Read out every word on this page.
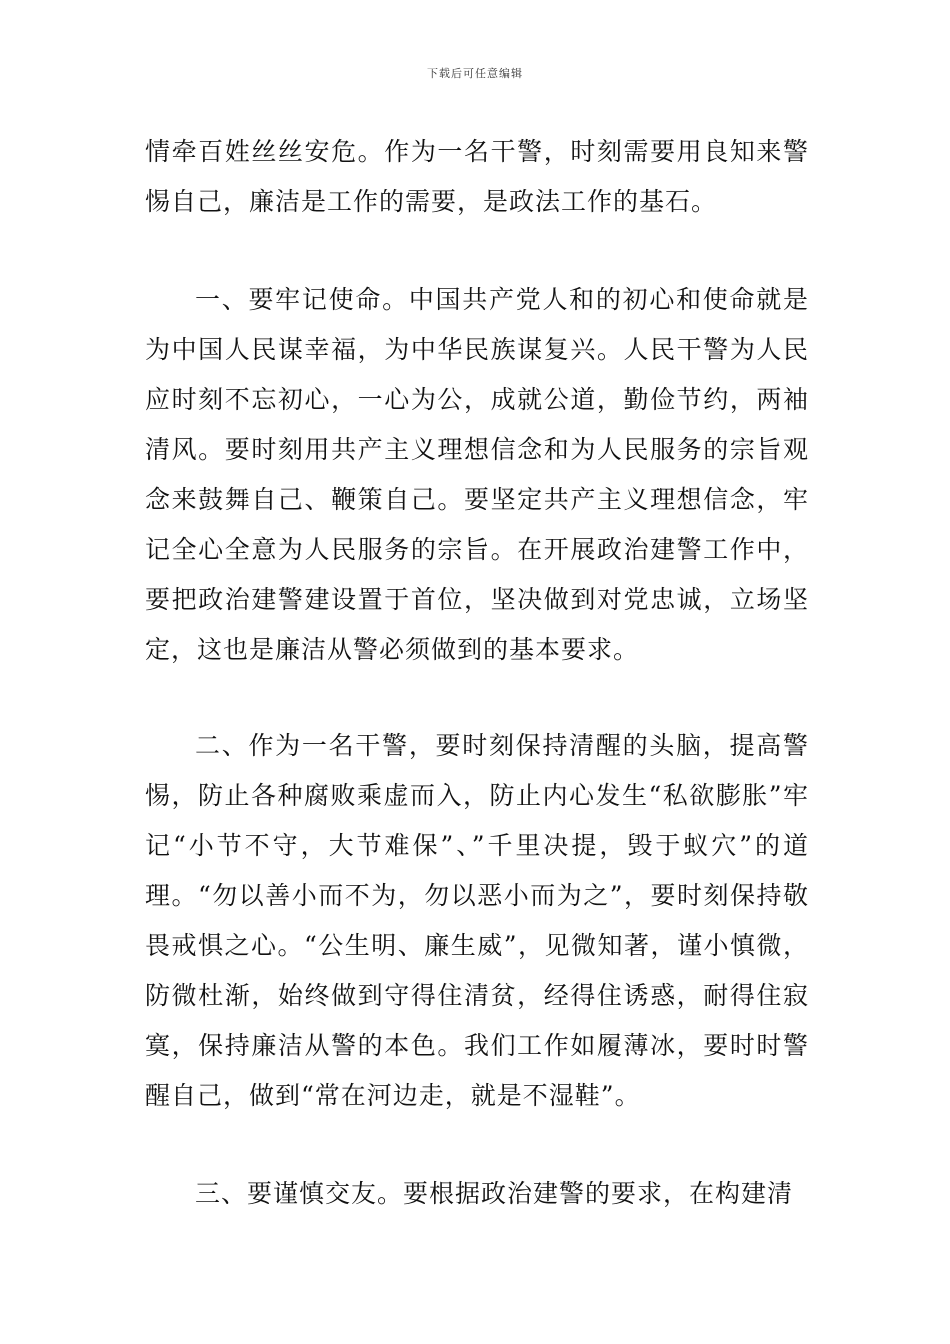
下载后可任意编辑

情牵百姓丝丝安危。作为一名干警，时刻需要用良知来警惕自己，廉洁是工作的需要，是政法工作的基石。

一、要牢记使命。中国共产党人和的初心和使命就是为中国人民谋幸福，为中华民族谋复兴。人民干警为人民应时刻不忘初心，一心为公，成就公道，勤俭节约，两袖清风。要时刻用共产主义理想信念和为人民服务的宗旨观念来鼓舞自己、鞭策自己。要坚定共产主义理想信念，牢记全心全意为人民服务的宗旨。在开展政治建警工作中，要把政治建警建设置于首位，坚决做到对党忠诚，立场坚定，这也是廉洁从警必须做到的基本要求。

二、作为一名干警，要时刻保持清醒的头脑，提高警惕，防止各种腐败乘虚而入，防止内心发生“私欲膨胀”牢记“小节不守，大节难保”、”千里决提，毁于蚁穴”的道理。“勿以善小而不为，勿以恶小而为之”，要时刻保持敬畏戒惧之心。“公生明、廉生威”，见微知著，谨小慎微，防微杜渐，始终做到守得住清贫，经得住诱惑，耐得住寂寞，保持廉洁从警的本色。我们工作如履薄冰，要时时警醒自己，做到“常在河边走，就是不湿鞋”。

三、要谨慎交友。要根据政治建警的要求，在构建清
